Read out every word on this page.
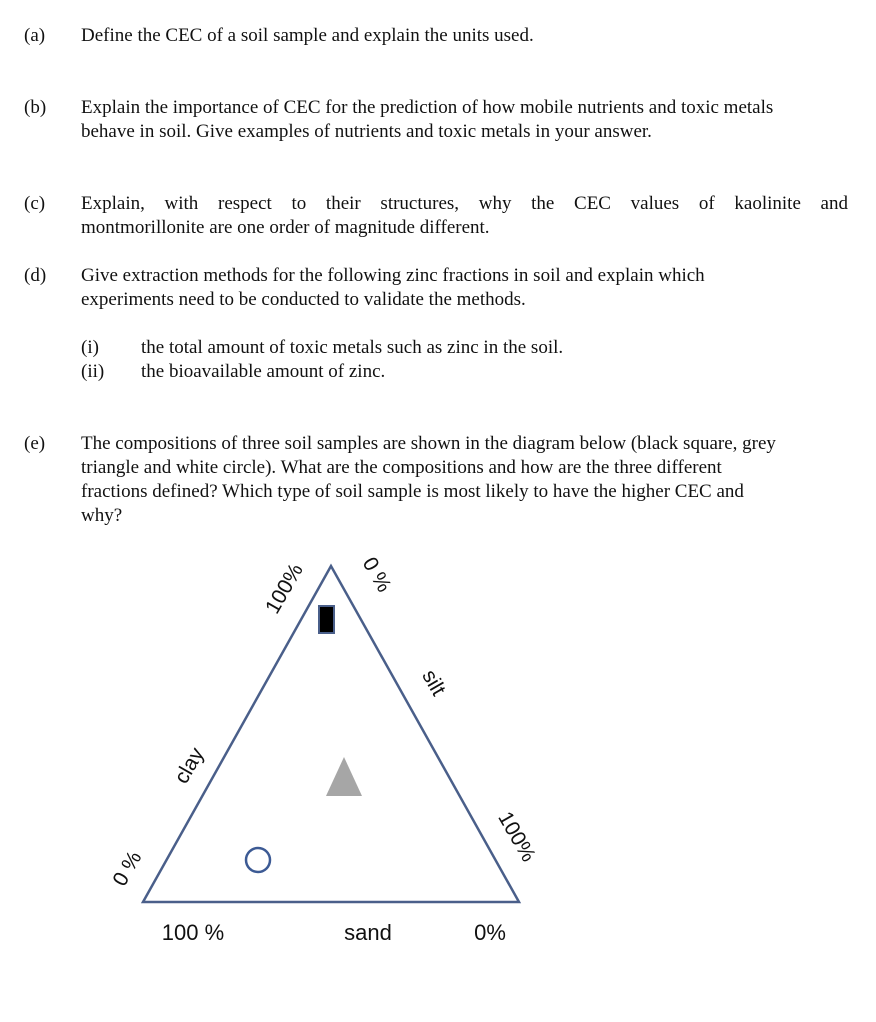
(a) Define the CEC of a soil sample and explain the units used.
(b) Explain the importance of CEC for the prediction of how mobile nutrients and toxic metals
behave in soil. Give examples of nutrients and toxic metals in your answer.
(c) Explain, with respect to their structures, why the CEC values of kaolinite and
montmorillonite are one order of magnitude different.
(d) Give extraction methods for the following zinc fractions in soil and explain which
experiments need to be conducted to validate the methods.
(i) the total amount of toxic metals such as zinc in the soil.
(ii) the bioavailable amount of zinc.
(e) The compositions of three soil samples are shown in the diagram below (black square, grey
triangle and white circle). What are the compositions and how are the three different
fractions defined? Which type of soil sample is most likely to have the higher CEC and
why?
100%
clay
0 %
0 %
silt
100%
100 %	sand	0%
